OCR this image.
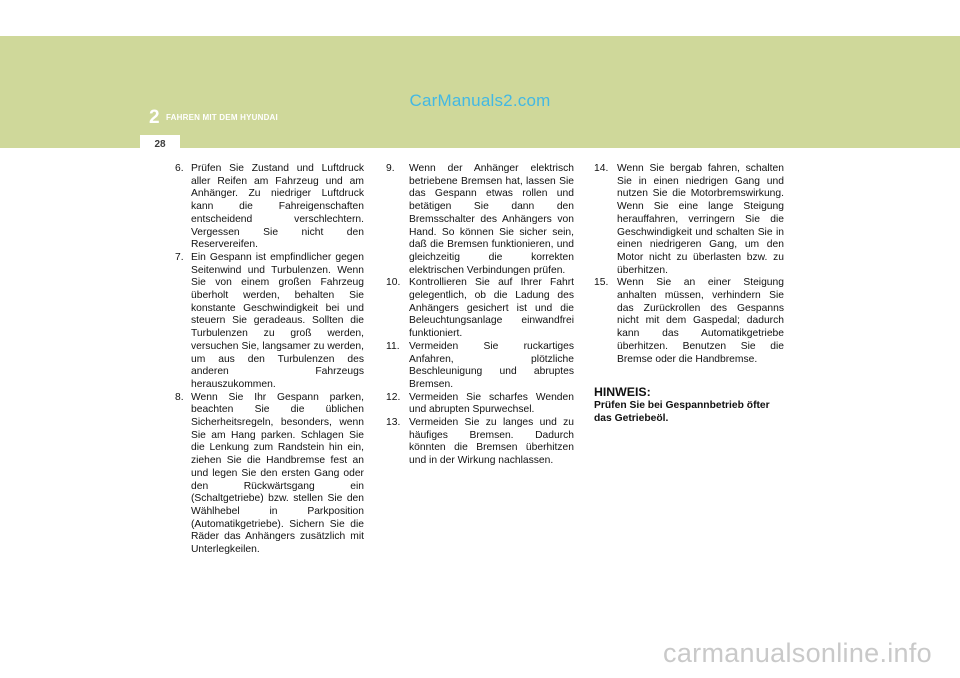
28
2 FAHREN MIT DEM HYUNDAI
CarManuals2.com
6. Prüfen Sie Zustand und Luftdruck aller Reifen am Fahrzeug und am Anhänger. Zu niedriger Luftdruck kann die Fahreigenschaften entscheidend verschlechtern. Vergessen Sie nicht den Reservereifen.
7. Ein Gespann ist empfindlicher gegen Seitenwind und Turbulenzen. Wenn Sie von einem großen Fahrzeug überholt werden, behalten Sie konstante Geschwindigkeit bei und steuern Sie geradeaus. Sollten die Turbulenzen zu groß werden, versuchen Sie, langsamer zu werden, um aus den Turbulenzen des anderen Fahrzeugs herauszukommen.
8. Wenn Sie Ihr Gespann parken, beachten Sie die üblichen Sicherheitsregeln, besonders, wenn Sie am Hang parken. Schlagen Sie die Lenkung zum Randstein hin ein, ziehen Sie die Handbremse fest an und legen Sie den ersten Gang oder den Rückwärtsgang ein (Schaltgetriebe) bzw. stellen Sie den Wählhebel in Parkposition (Automatikgetriebe). Sichern Sie die Räder das Anhängers zusätzlich mit Unterlegkeilen.
9.	Wenn der Anhänger elektrisch betriebene Bremsen hat, lassen Sie das Gespann etwas rollen und betätigen Sie dann den Bremsschalter des Anhängers von Hand. So können Sie sicher sein, daß die Bremsen funktionieren, und gleichzeitig die korrekten elektrischen Verbindungen prüfen.
10. Kontrollieren Sie auf Ihrer Fahrt gelegentlich, ob die Ladung des Anhängers gesichert ist und die Beleuchtungsanlage einwandfrei funktioniert.
11. Vermeiden Sie ruckartiges Anfahren, plötzliche Beschleunigung und abruptes Bremsen.
12. Vermeiden Sie scharfes Wenden und abrupten Spurwechsel.
13. Vermeiden Sie zu langes und zu häufiges Bremsen. Dadurch könnten die Bremsen überhitzen und in der Wirkung nachlassen.
14. Wenn Sie bergab fahren, schalten Sie in einen niedrigen Gang und nutzen Sie die Motorbremswirkung. Wenn Sie eine lange Steigung herauffahren, verringern Sie die Geschwindigkeit und schalten Sie in einen niedrigeren Gang, um den Motor nicht zu überlasten bzw. zu überhitzen.
15. Wenn Sie an einer Steigung anhalten müssen, verhindern Sie das Zurückrollen des Gespanns nicht mit dem Gaspedal; dadurch kann das Automatikgetriebe überhitzen. Benutzen Sie die Bremse oder die Handbremse.
HINWEIS:
Prüfen Sie bei Gespannbetrieb öfter das Getriebeöl.
carmanualsonline.info
